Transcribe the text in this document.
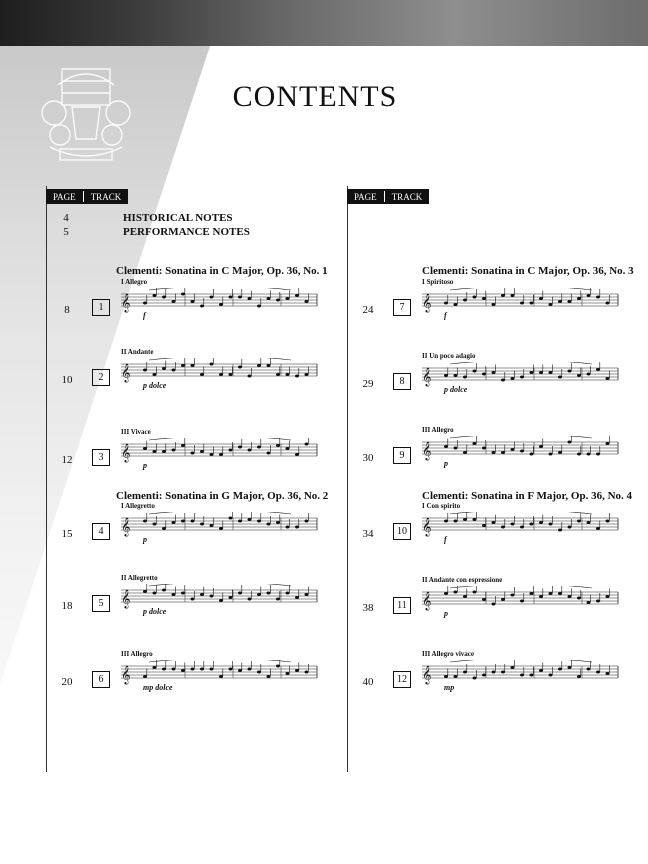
CONTENTS
PAGE	TRACK
4	HISTORICAL NOTES
5	PERFORMANCE NOTES
Clementi: Sonatina in C Major, Op. 36, No. 1
8	1
I Allegro
𝄞
f
10	2
II Andante
𝄞
p dolce
12	3
III Vivace
𝄞
p
Clementi: Sonatina in G Major, Op. 36, No. 2
15	4
I Allegretto
𝄞
p
18	5
II Allegretto
𝄞
p dolce
20	6
III Allegro
𝄞
mp dolce
PAGE	TRACK
Clementi: Sonatina in C Major, Op. 36, No. 3
24	7
I Spiritoso
𝄞
f
29	8
II Un poco adagio
𝄞
p dolce
30	9
III Allegro
𝄞
p
Clementi: Sonatina in F Major, Op. 36, No. 4
34	10
I Con spirito
𝄞
f
38	11
II Andante con espressione
𝄞
p
40	12
III Allegro vivace
𝄞
mp
